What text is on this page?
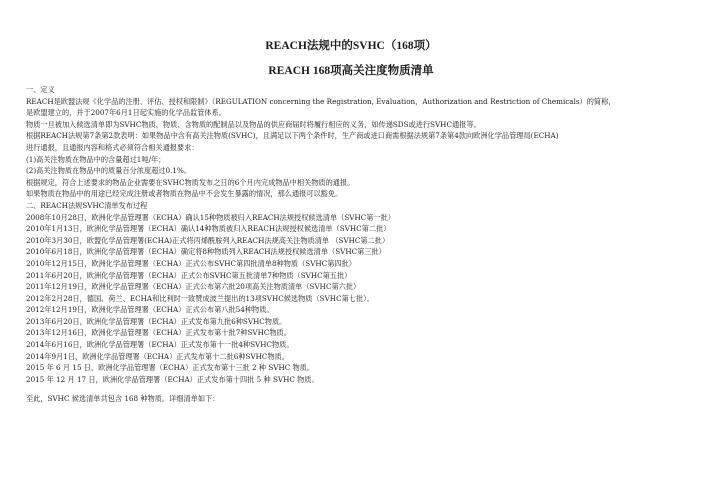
REACH法规中的SVHC（168项）
REACH 168项高关注度物质清单

一、定义

REACH是欧盟法规《化学品的注册、评估、授权和限制》（REGULATION concerning the Registration, Evaluation，Authorization and Restriction of Chemicals）的简称，

是欧盟建立的，并于2007年6月1日起实施的化学品监管体系。

物质一旦被加入候选清单即为SVHC物质，物质、含物质的配制品以及物品的供应商届时将履行相应的义务，如传递SDS或进行SVHC通报等。

根据REACH法规第7条第2款表明：如果物品中含有高关注物质(SVHC)，且满足以下两个条件时，生产商或进口商需根据法规第7条第4款向欧洲化学品管理局(ECHA)

进行通报，且通报内容和格式必须符合相关通报要求：

(1)高关注物质在物品中的含量超过1吨/年；

(2)高关注物质在物品中的质量百分浓度超过0.1%。

根据规定，符合上述要求的物品企业需要在SVHC物质发布之日的6个月内完成物品中相关物质的通报。

如果物质在物品中的用途已经完成注册或者物质在物品中不会发生暴露的情况，那么通报可以豁免。

二、REACH法规SVHC清单发布过程

2008年10月28日，欧洲化学品管理署（ECHA）确认15种物质被归入REACH法规授权候选清单（SVHC第一批）

2010年1月13日，欧洲化学品管理署（ECHA）确认14种物质被归入REACH法规授权候选清单（SVHC第二批）

2010年3月30日，欧盟化学品管理署(ECHA)正式将丙烯酰胺列入REACH法规高关注物质清单 （SVHC第二批）

2010年6月18日，欧洲化学品管理署（ECHA）确定将8种物质列入REACH法规授权候选清单（SVHC第三批）

2010年12月15日，欧洲化学品管理署（ECHA）正式公布SVHC第四批清单8种物质（SVHC第四批）

2011年6月20日，欧洲化学品管理署（ECHA）正式公布SVHC第五批清单7种物质（SVHC第五批）

2011年12月19日，欧洲化学品管理署（ECHA）正式公布第六批20项高关注物质清单（SVHC第六批）

2012年2月28日，德国、荷兰、ECHA和比利时一致赞成波兰提出的13项SVHC候选物质（SVHC第七批）。

2012年12月19日，欧洲化学品管理署（ECHA）正式公布第八批54种物质。

2013年6月20日，欧洲化学品管理署（ECHA）正式发布第九批6种SVHC物质。

2013年12月16日，欧洲化学品管理署（ECHA）正式发布第十批7种SVHC物质。

2014年6月16日，欧洲化学品管理署（ECHA）正式发布第十一批4种SVHC物质。

2014年9月1日，欧洲化学品管理署（ECHA）正式发布第十二批6种SVHC物质。

2015 年 6 月 15 日，欧洲化学品管理署（ECHA）正式发布第十三批 2 种 SVHC 物质。

2015 年 12 月 17 日，欧洲化学品管理署（ECHA）正式发布第十四批 5 种 SVHC 物质。

至此，SVHC 候选清单共包含 168 种物质。详细清单如下：
